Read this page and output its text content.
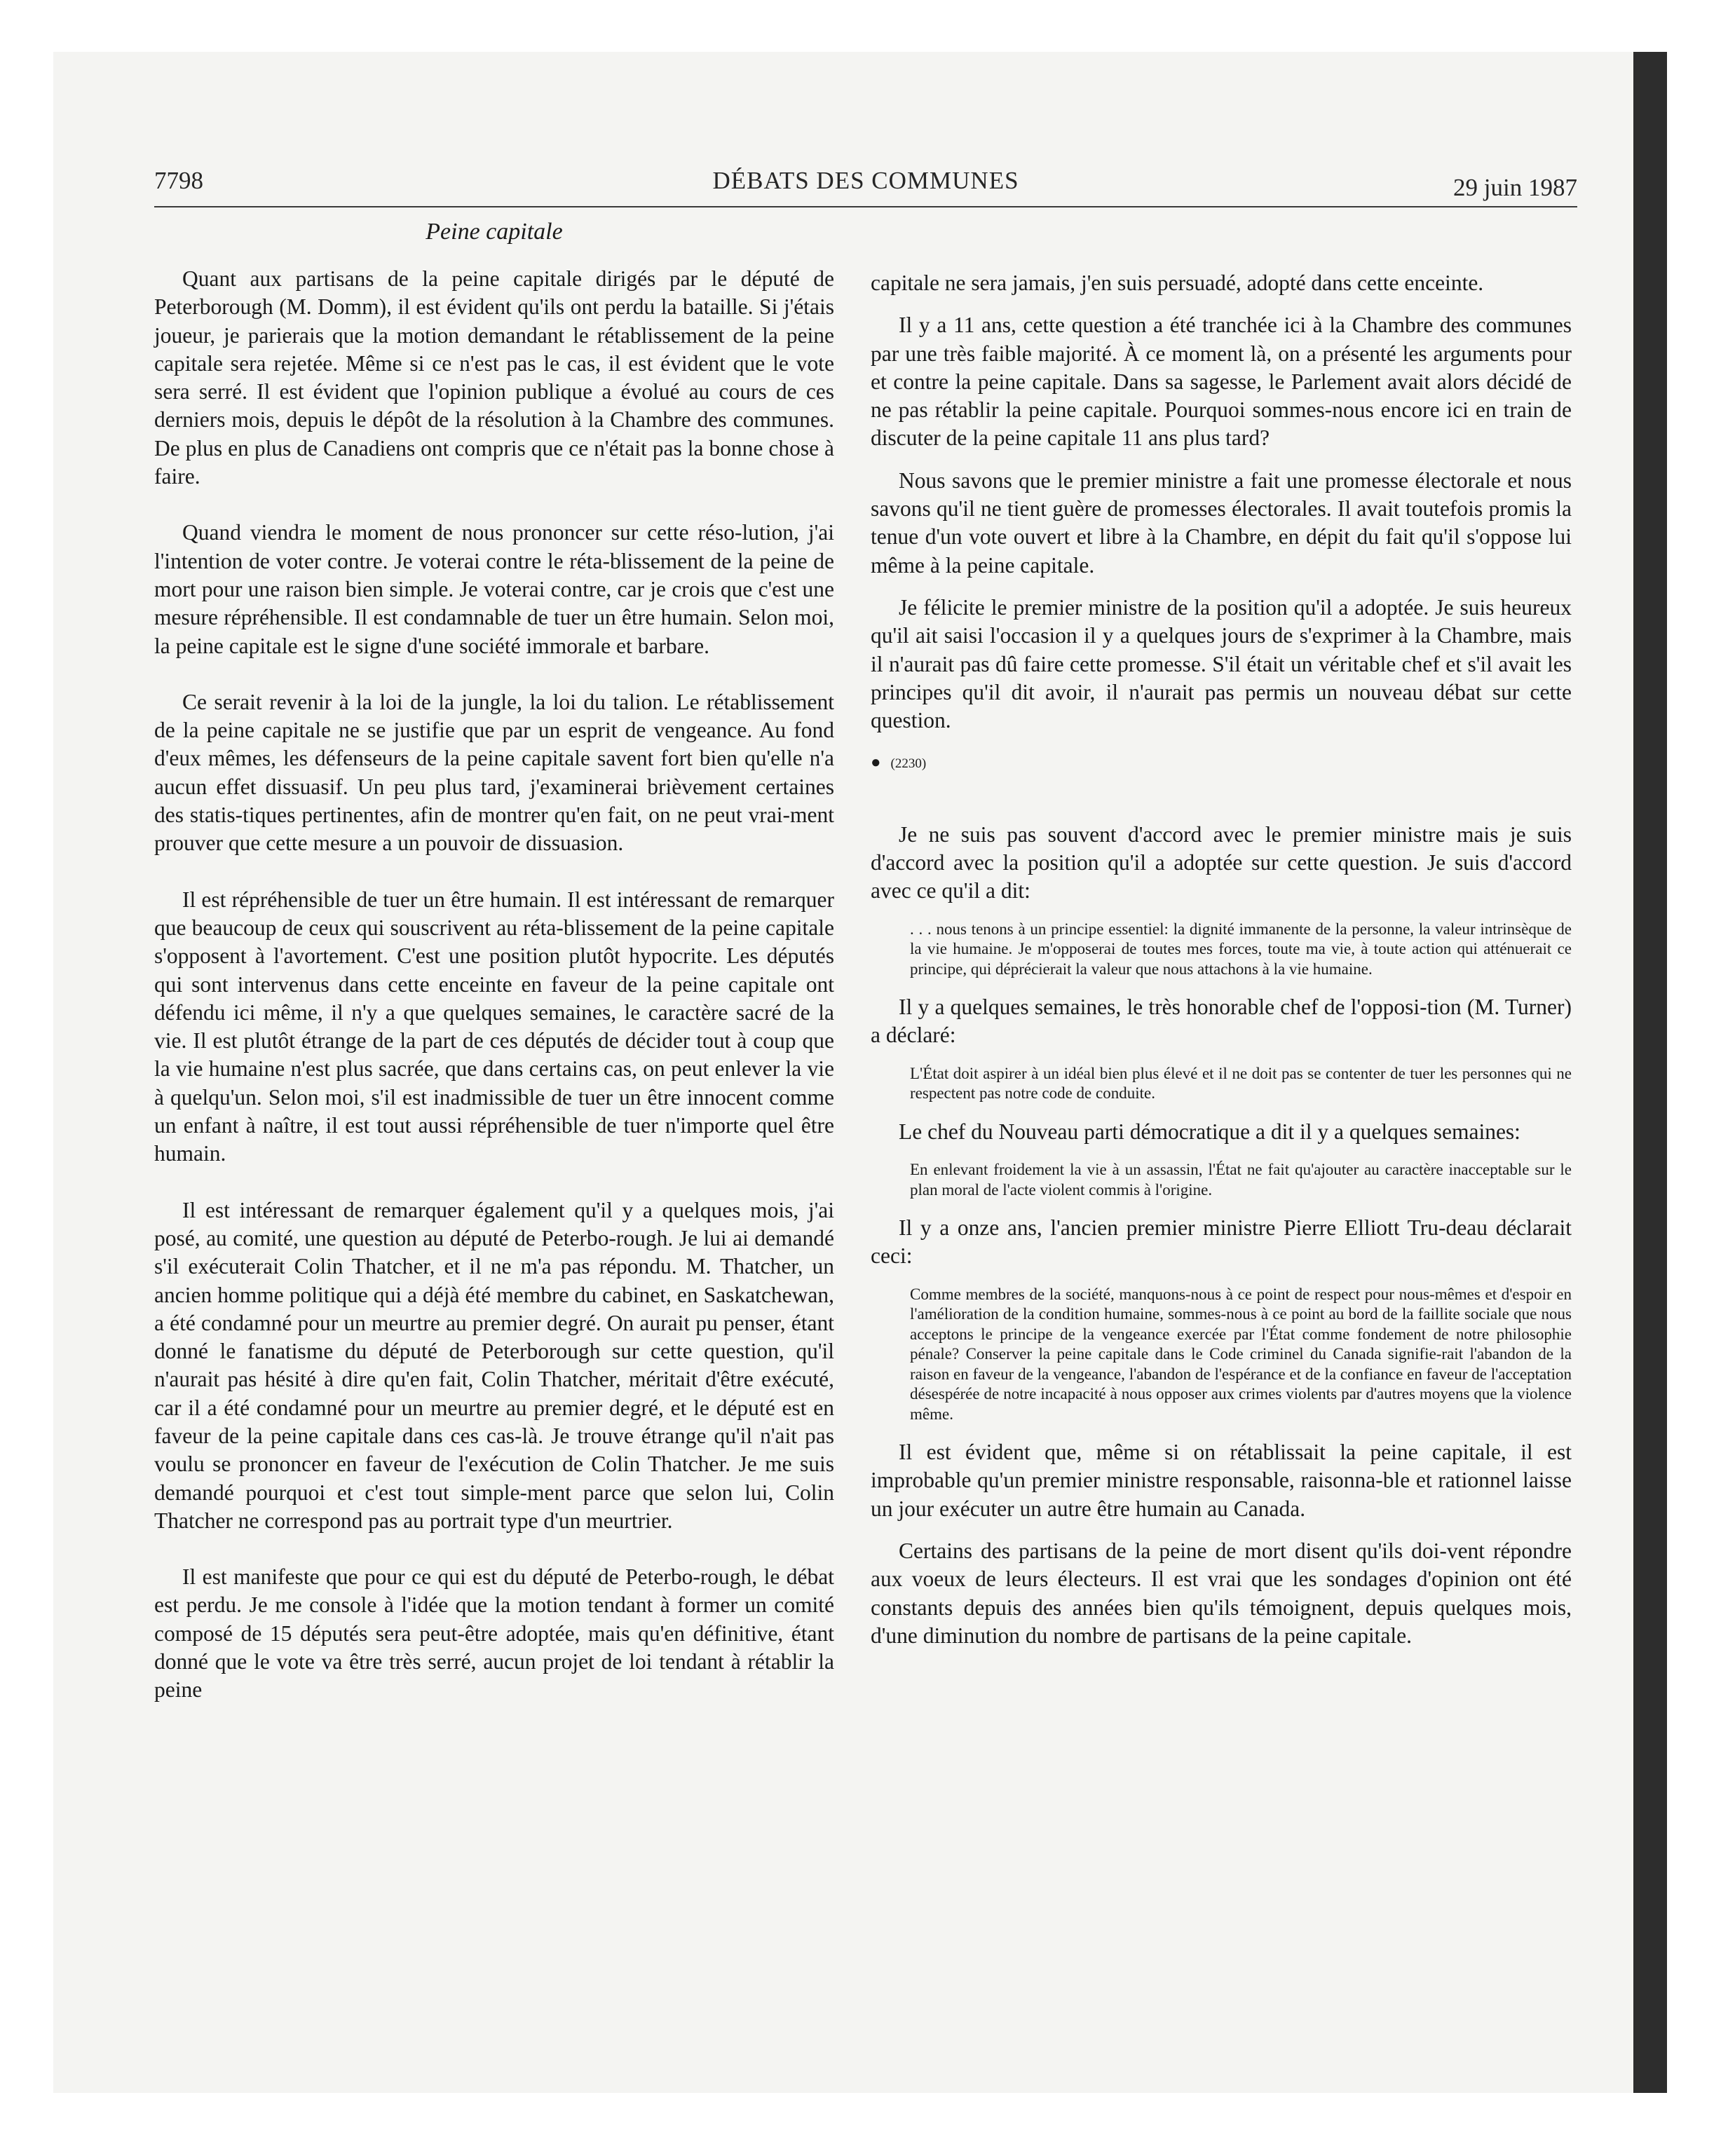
7798	DÉBATS DES COMMUNES	29 juin 1987
Peine capitale

Quant aux partisans de la peine capitale dirigés par le député de Peterborough (M. Domm), il est évident qu'ils ont perdu la bataille. Si j'étais joueur, je parierais que la motion demandant le rétablissement de la peine capitale sera rejetée. Même si ce n'est pas le cas, il est évident que le vote sera serré. Il est évident que l'opinion publique a évolué au cours de ces derniers mois, depuis le dépôt de la résolution à la Chambre des communes. De plus en plus de Canadiens ont compris que ce n'était pas la bonne chose à faire.

Quand viendra le moment de nous prononcer sur cette réso-lution, j'ai l'intention de voter contre. Je voterai contre le réta-blissement de la peine de mort pour une raison bien simple. Je voterai contre, car je crois que c'est une mesure répréhensible. Il est condamnable de tuer un être humain. Selon moi, la peine capitale est le signe d'une société immorale et barbare.

Ce serait revenir à la loi de la jungle, la loi du talion. Le rétablissement de la peine capitale ne se justifie que par un esprit de vengeance. Au fond d'eux mêmes, les défenseurs de la peine capitale savent fort bien qu'elle n'a aucun effet dissuasif. Un peu plus tard, j'examinerai brièvement certaines des statis-tiques pertinentes, afin de montrer qu'en fait, on ne peut vrai-ment prouver que cette mesure a un pouvoir de dissuasion.

Il est répréhensible de tuer un être humain. Il est intéressant de remarquer que beaucoup de ceux qui souscrivent au réta-blissement de la peine capitale s'opposent à l'avortement. C'est une position plutôt hypocrite. Les députés qui sont intervenus dans cette enceinte en faveur de la peine capitale ont défendu ici même, il n'y a que quelques semaines, le caractère sacré de la vie. Il est plutôt étrange de la part de ces députés de décider tout à coup que la vie humaine n'est plus sacrée, que dans certains cas, on peut enlever la vie à quelqu'un. Selon moi, s'il est inadmissible de tuer un être innocent comme un enfant à naître, il est tout aussi répréhensible de tuer n'importe quel être humain.

Il est intéressant de remarquer également qu'il y a quelques mois, j'ai posé, au comité, une question au député de Peterbo-rough. Je lui ai demandé s'il exécuterait Colin Thatcher, et il ne m'a pas répondu. M. Thatcher, un ancien homme politique qui a déjà été membre du cabinet, en Saskatchewan, a été condamné pour un meurtre au premier degré. On aurait pu penser, étant donné le fanatisme du député de Peterborough sur cette question, qu'il n'aurait pas hésité à dire qu'en fait, Colin Thatcher, méritait d'être exécuté, car il a été condamné pour un meurtre au premier degré, et le député est en faveur de la peine capitale dans ces cas-là. Je trouve étrange qu'il n'ait pas voulu se prononcer en faveur de l'exécution de Colin Thatcher. Je me suis demandé pourquoi et c'est tout simple-ment parce que selon lui, Colin Thatcher ne correspond pas au portrait type d'un meurtrier.

Il est manifeste que pour ce qui est du député de Peterbo-rough, le débat est perdu. Je me console à l'idée que la motion tendant à former un comité composé de 15 députés sera peut-être adoptée, mais qu'en définitive, étant donné que le vote va être très serré, aucun projet de loi tendant à rétablir la peine

capitale ne sera jamais, j'en suis persuadé, adopté dans cette enceinte.

Il y a 11 ans, cette question a été tranchée ici à la Chambre des communes par une très faible majorité. À ce moment là, on a présenté les arguments pour et contre la peine capitale. Dans sa sagesse, le Parlement avait alors décidé de ne pas rétablir la peine capitale. Pourquoi sommes-nous encore ici en train de discuter de la peine capitale 11 ans plus tard?

Nous savons que le premier ministre a fait une promesse électorale et nous savons qu'il ne tient guère de promesses électorales. Il avait toutefois promis la tenue d'un vote ouvert et libre à la Chambre, en dépit du fait qu'il s'oppose lui même à la peine capitale.

Je félicite le premier ministre de la position qu'il a adoptée. Je suis heureux qu'il ait saisi l'occasion il y a quelques jours de s'exprimer à la Chambre, mais il n'aurait pas dû faire cette promesse. S'il était un véritable chef et s'il avait les principes qu'il dit avoir, il n'aurait pas permis un nouveau débat sur cette question.

● (2230)

Je ne suis pas souvent d'accord avec le premier ministre mais je suis d'accord avec la position qu'il a adoptée sur cette question. Je suis d'accord avec ce qu'il a dit:

. . . nous tenons à un principe essentiel: la dignité immanente de la personne, la valeur intrinsèque de la vie humaine. Je m'opposerai de toutes mes forces, toute ma vie, à toute action qui atténuerait ce principe, qui déprécierait la valeur que nous attachons à la vie humaine.

Il y a quelques semaines, le très honorable chef de l'opposi-tion (M. Turner) a déclaré:

L'État doit aspirer à un idéal bien plus élevé et il ne doit pas se contenter de tuer les personnes qui ne respectent pas notre code de conduite.

Le chef du Nouveau parti démocratique a dit il y a quelques semaines:

En enlevant froidement la vie à un assassin, l'État ne fait qu'ajouter au caractère inacceptable sur le plan moral de l'acte violent commis à l'origine.

Il y a onze ans, l'ancien premier ministre Pierre Elliott Tru-deau déclarait ceci:

Comme membres de la société, manquons-nous à ce point de respect pour nous-mêmes et d'espoir en l'amélioration de la condition humaine, sommes-nous à ce point au bord de la faillite sociale que nous acceptons le principe de la vengeance exercée par l'État comme fondement de notre philosophie pénale? Conserver la peine capitale dans le Code criminel du Canada signifie-rait l'abandon de la raison en faveur de la vengeance, l'abandon de l'espérance et de la confiance en faveur de l'acceptation désespérée de notre incapacité à nous opposer aux crimes violents par d'autres moyens que la violence même.

Il est évident que, même si on rétablissait la peine capitale, il est improbable qu'un premier ministre responsable, raisonna-ble et rationnel laisse un jour exécuter un autre être humain au Canada.

Certains des partisans de la peine de mort disent qu'ils doi-vent répondre aux voeux de leurs électeurs. Il est vrai que les sondages d'opinion ont été constants depuis des années bien qu'ils témoignent, depuis quelques mois, d'une diminution du nombre de partisans de la peine capitale.
